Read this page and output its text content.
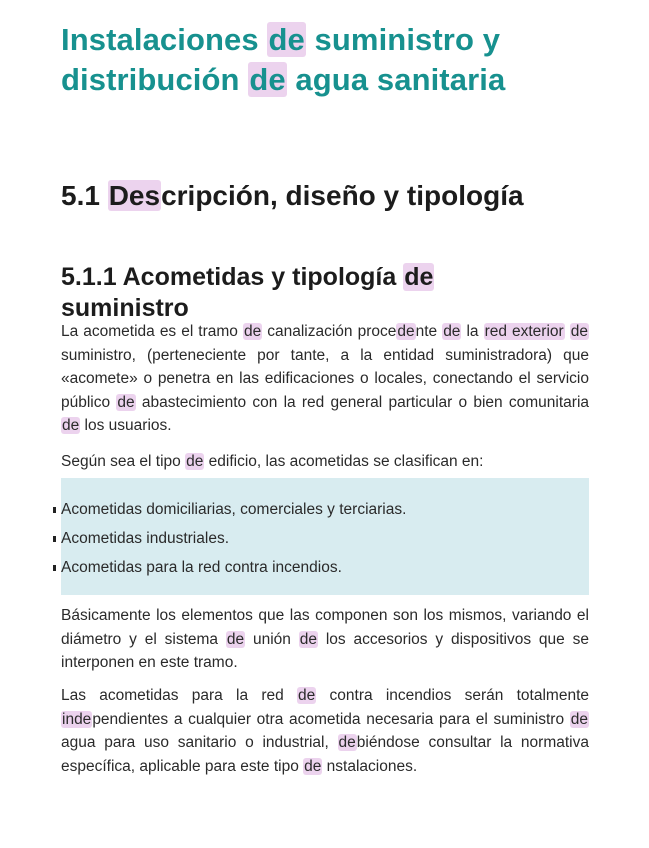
Instalaciones de suministro y distribución de agua sanitaria
5.1 Descripción, diseño y tipología
5.1.1 Acometidas y tipología de suministro

La acometida es el tramo de canalización procedente de la red exterior de suministro, (perteneciente por tante, a la entidad suministradora) que «acomete» o penetra en las edificaciones o locales, conectando el servicio público de abastecimiento con la red general particular o bien comunitaria de los usuarios.

Según sea el tipo de edificio, las acometidas se clasifican en:

Acometidas domiciliarias, comerciales y terciarias.
Acometidas industriales.
Acometidas para la red contra incendios.

Básicamente los elementos que las componen son los mismos, variando el diámetro y el sistema de unión de los accesorios y dispositivos que se interponen en este tramo.

Las acometidas para la red de contra incendios serán totalmente independientes a cualquier otra acometida necesaria para el suministro de agua para uso sanitario o industrial, debiéndose consultar la normativa específica, aplicable para este tipo de nstalaciones.
